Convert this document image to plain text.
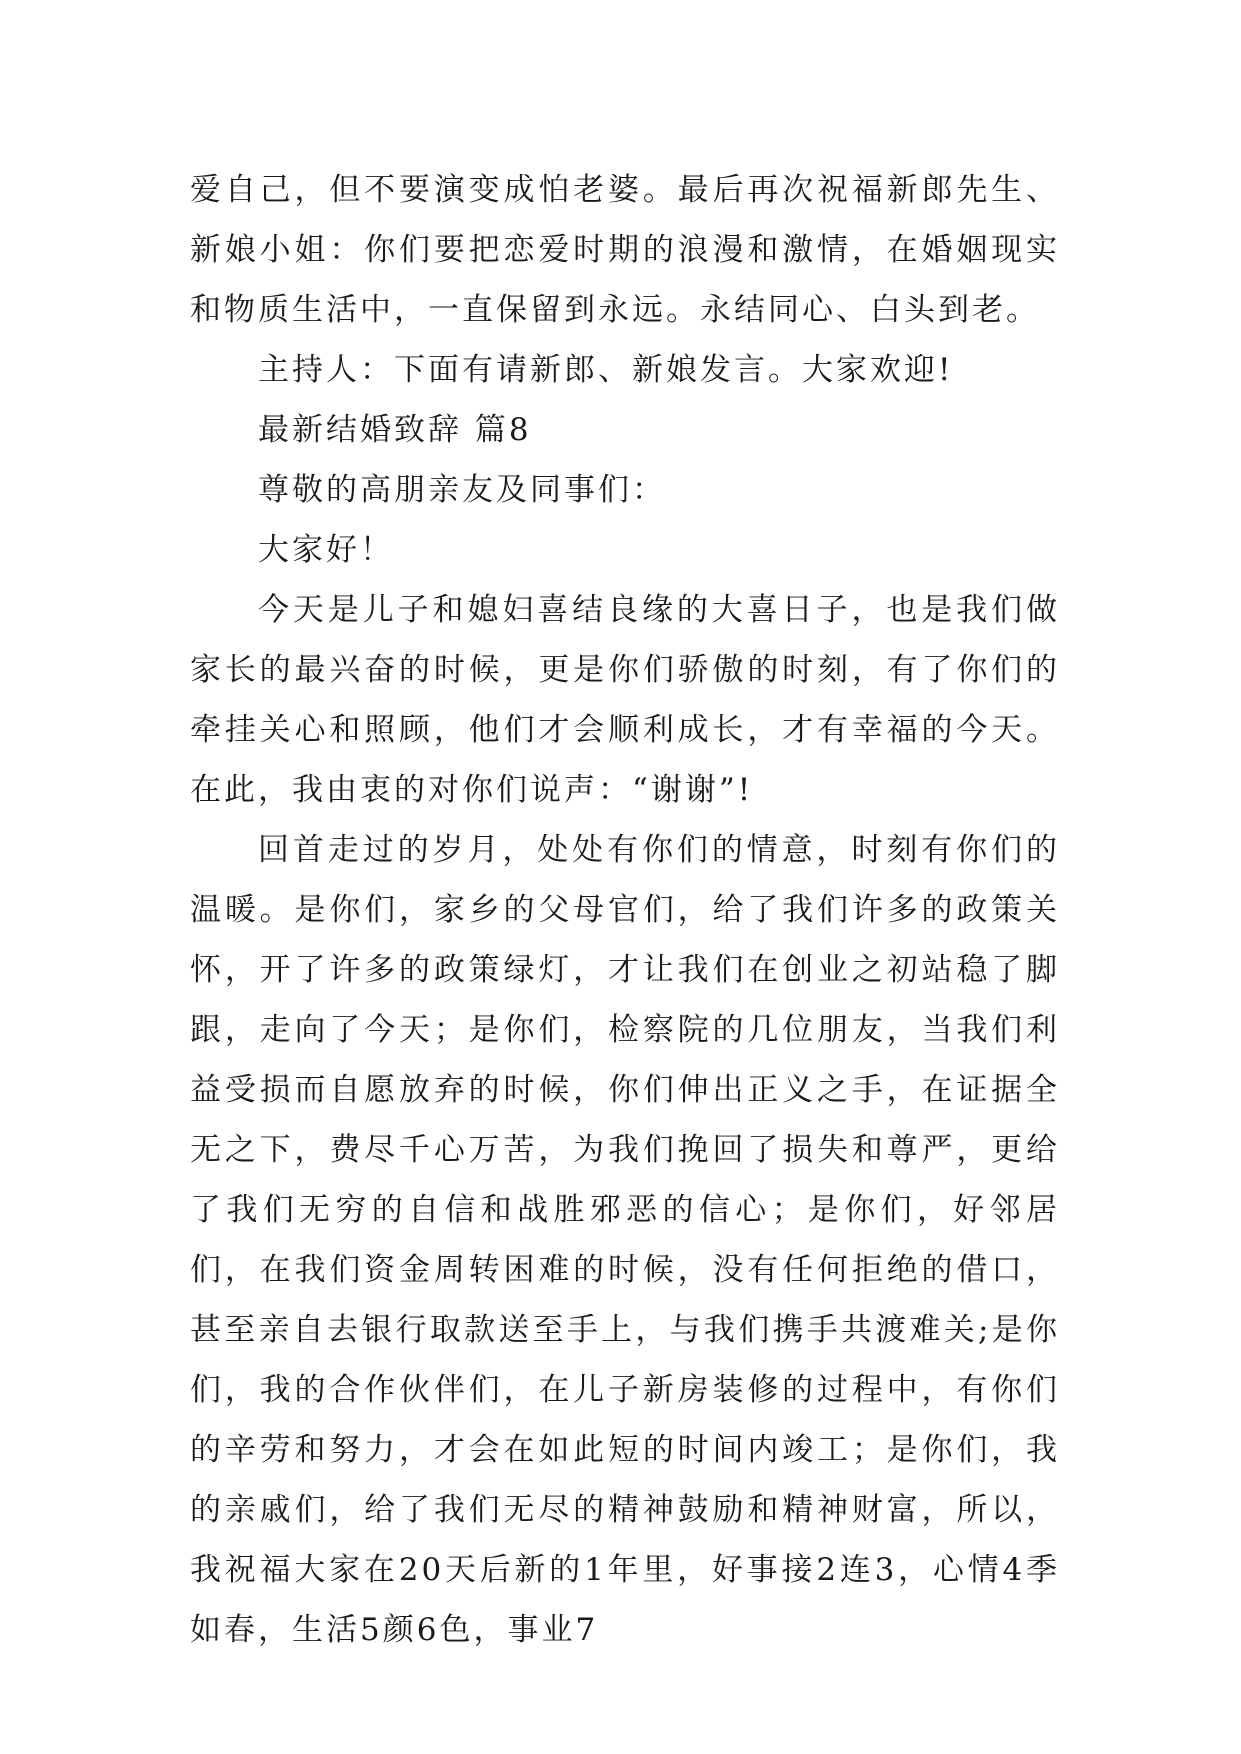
爱自己，但不要演变成怕老婆。最后再次祝福新郎先生、新娘小姐：你们要把恋爱时期的浪漫和激情，在婚姻现实和物质生活中，一直保留到永远。永结同心、白头到老。

主持人：下面有请新郎、新娘发言。大家欢迎!

最新结婚致辞 篇8

尊敬的高朋亲友及同事们：

大家好！

今天是儿子和媳妇喜结良缘的大喜日子，也是我们做家长的最兴奋的时候，更是你们骄傲的时刻，有了你们的牵挂关心和照顾，他们才会顺利成长，才有幸福的今天。在此，我由衷的对你们说声：“谢谢”!

回首走过的岁月，处处有你们的情意，时刻有你们的温暖。是你们，家乡的父母官们，给了我们许多的政策关怀，开了许多的政策绿灯，才让我们在创业之初站稳了脚跟，走向了今天；是你们，检察院的几位朋友，当我们利益受损而自愿放弃的时候，你们伸出正义之手，在证据全无之下，费尽千心万苦，为我们挽回了损失和尊严，更给了我们无穷的自信和战胜邪恶的信心；是你们，好邻居们，在我们资金周转困难的时候，没有任何拒绝的借口，甚至亲自去银行取款送至手上，与我们携手共渡难关;是你们，我的合作伙伴们，在儿子新房装修的过程中，有你们的辛劳和努力，才会在如此短的时间内竣工；是你们，我的亲戚们，给了我们无尽的精神鼓励和精神财富，所以，我祝福大家在20天后新的1年里，好事接2连3，心情4季如春，生活5颜6色，事业7
